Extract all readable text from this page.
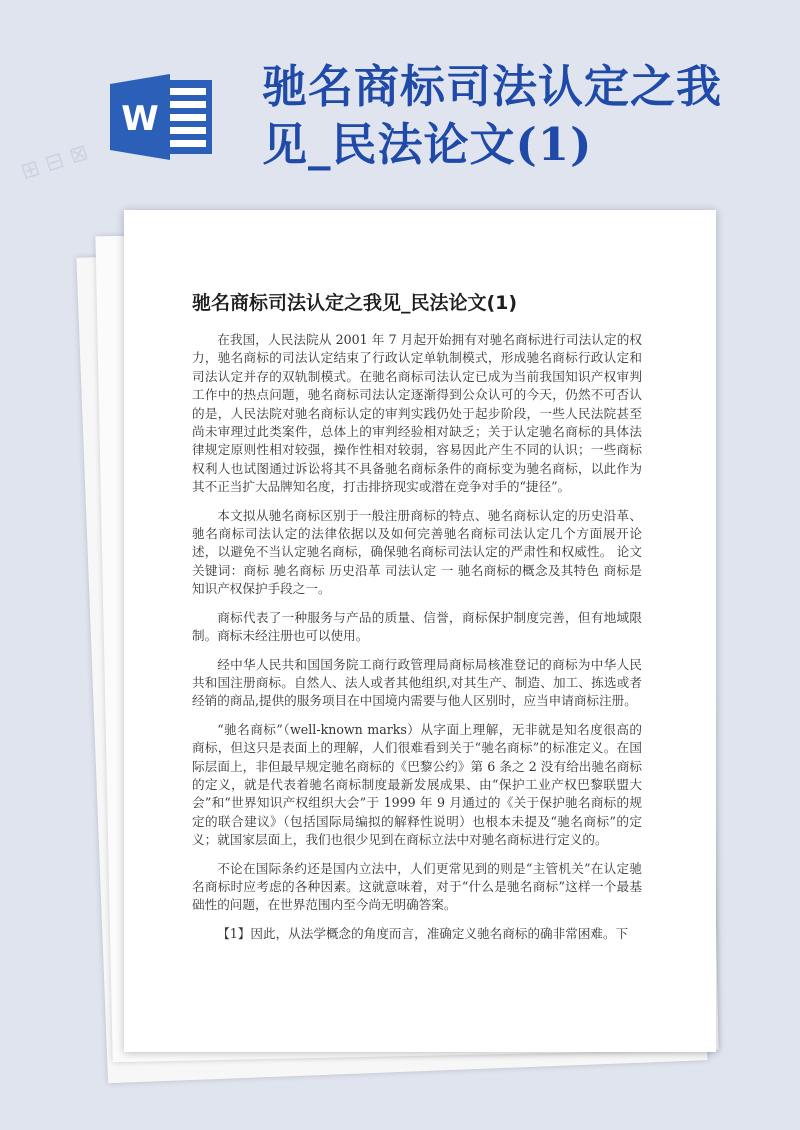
W
驰名商标司法认定之我
见_民法论文(1)
⊞ ⊟ ⊠
驰名商标司法认定之我见_民法论文(1)

在我国，人民法院从 2001 年 7 月起开始拥有对驰名商标进行司法认定的权力，驰名商标的司法认定结束了行政认定单轨制模式，形成驰名商标行政认定和司法认定并存的双轨制模式。在驰名商标司法认定已成为当前我国知识产权审判工作中的热点问题，驰名商标司法认定逐渐得到公众认可的今天，仍然不可否认的是，人民法院对驰名商标认定的审判实践仍处于起步阶段，一些人民法院甚至尚未审理过此类案件，总体上的审判经验相对缺乏；关于认定驰名商标的具体法律规定原则性相对较强，操作性相对较弱，容易因此产生不同的认识；一些商标权利人也试图通过诉讼将其不具备驰名商标条件的商标变为驰名商标，以此作为其不正当扩大品牌知名度，打击排挤现实或潜在竞争对手的“捷径”。

本文拟从驰名商标区别于一般注册商标的特点、驰名商标认定的历史沿革、驰名商标司法认定的法律依据以及如何完善驰名商标司法认定几个方面展开论述，以避免不当认定驰名商标，确保驰名商标司法认定的严肃性和权威性。 论文关键词：商标 驰名商标 历史沿革 司法认定 一 驰名商标的概念及其特色 商标是知识产权保护手段之一。

商标代表了一种服务与产品的质量、信誉，商标保护制度完善，但有地域限制。商标未经注册也可以使用。

经中华人民共和国国务院工商行政管理局商标局核准登记的商标为中华人民共和国注册商标。自然人、法人或者其他组织,对其生产、制造、加工、拣选或者经销的商品,提供的服务项目在中国境内需要与他人区别时，应当申请商标注册。

“驰名商标”（well-known marks）从字面上理解，无非就是知名度很高的商标，但这只是表面上的理解，人们很难看到关于“驰名商标”的标准定义。在国际层面上，非但最早规定驰名商标的《巴黎公约》第 6 条之 2 没有给出驰名商标的定义，就是代表着驰名商标制度最新发展成果、由“保护工业产权巴黎联盟大会”和“世界知识产权组织大会”于 1999 年 9 月通过的《关于保护驰名商标的规定的联合建议》（包括国际局编拟的解释性说明）也根本未提及“驰名商标”的定义；就国家层面上，我们也很少见到在商标立法中对驰名商标进行定义的。

不论在国际条约还是国内立法中，人们更常见到的则是“主管机关”在认定驰名商标时应考虑的各种因素。这就意味着，对于“什么是驰名商标”这样一个最基础性的问题，在世界范围内至今尚无明确答案。

【1】因此，从法学概念的角度而言，准确定义驰名商标的确非常困难。下
